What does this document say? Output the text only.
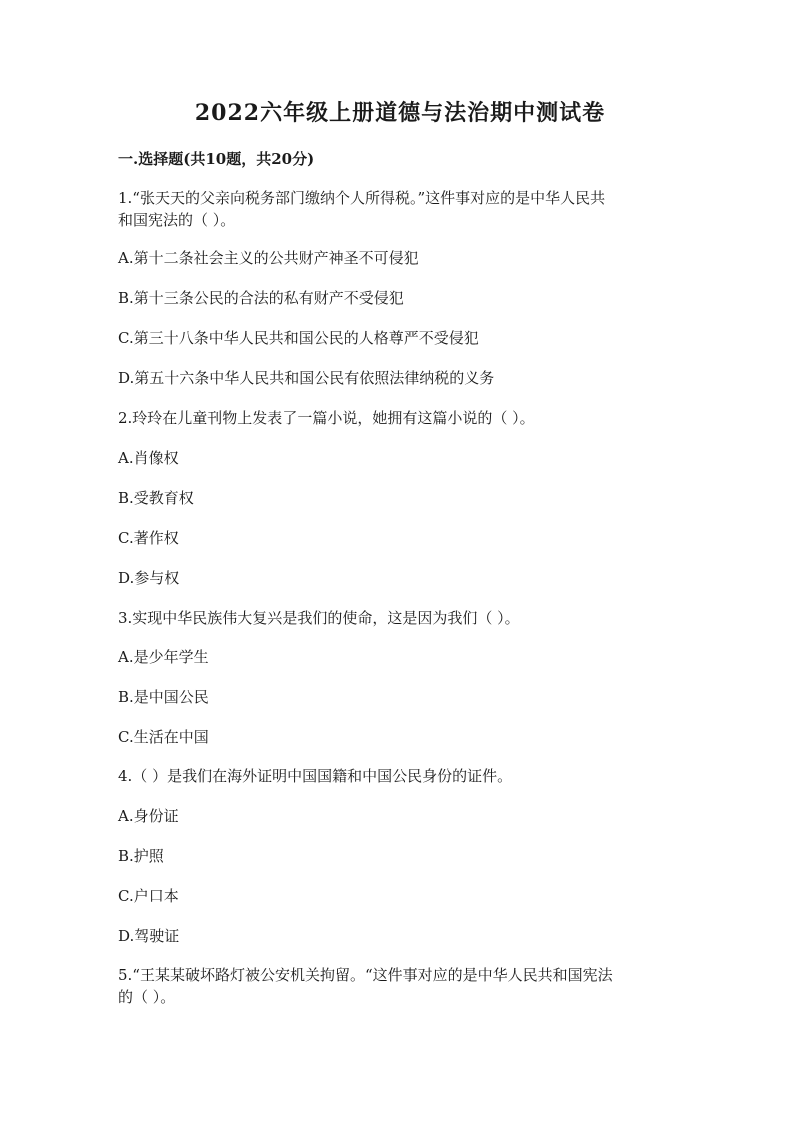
2022六年级上册道德与法治期中测试卷
一.选择题(共10题，共20分)
1.“张天天的父亲向税务部门缴纳个人所得税。”这件事对应的是中华人民共
和国宪法的（ ）。
A.第十二条社会主义的公共财产神圣不可侵犯
B.第十三条公民的合法的私有财产不受侵犯
C.第三十八条中华人民共和国公民的人格尊严不受侵犯
D.第五十六条中华人民共和国公民有依照法律纳税的义务
2.玲玲在儿童刊物上发表了一篇小说，她拥有这篇小说的（ ）。
A.肖像权
B.受教育权
C.著作权
D.参与权
3.实现中华民族伟大复兴是我们的使命，这是因为我们（ ）。
A.是少年学生
B.是中国公民
C.生活在中国
4.（ ）是我们在海外证明中国国籍和中国公民身份的证件。
A.身份证
B.护照
C.户口本
D.驾驶证
5.“王某某破坏路灯被公安机关拘留。“这件事对应的是中华人民共和国宪法
的（ ）。
